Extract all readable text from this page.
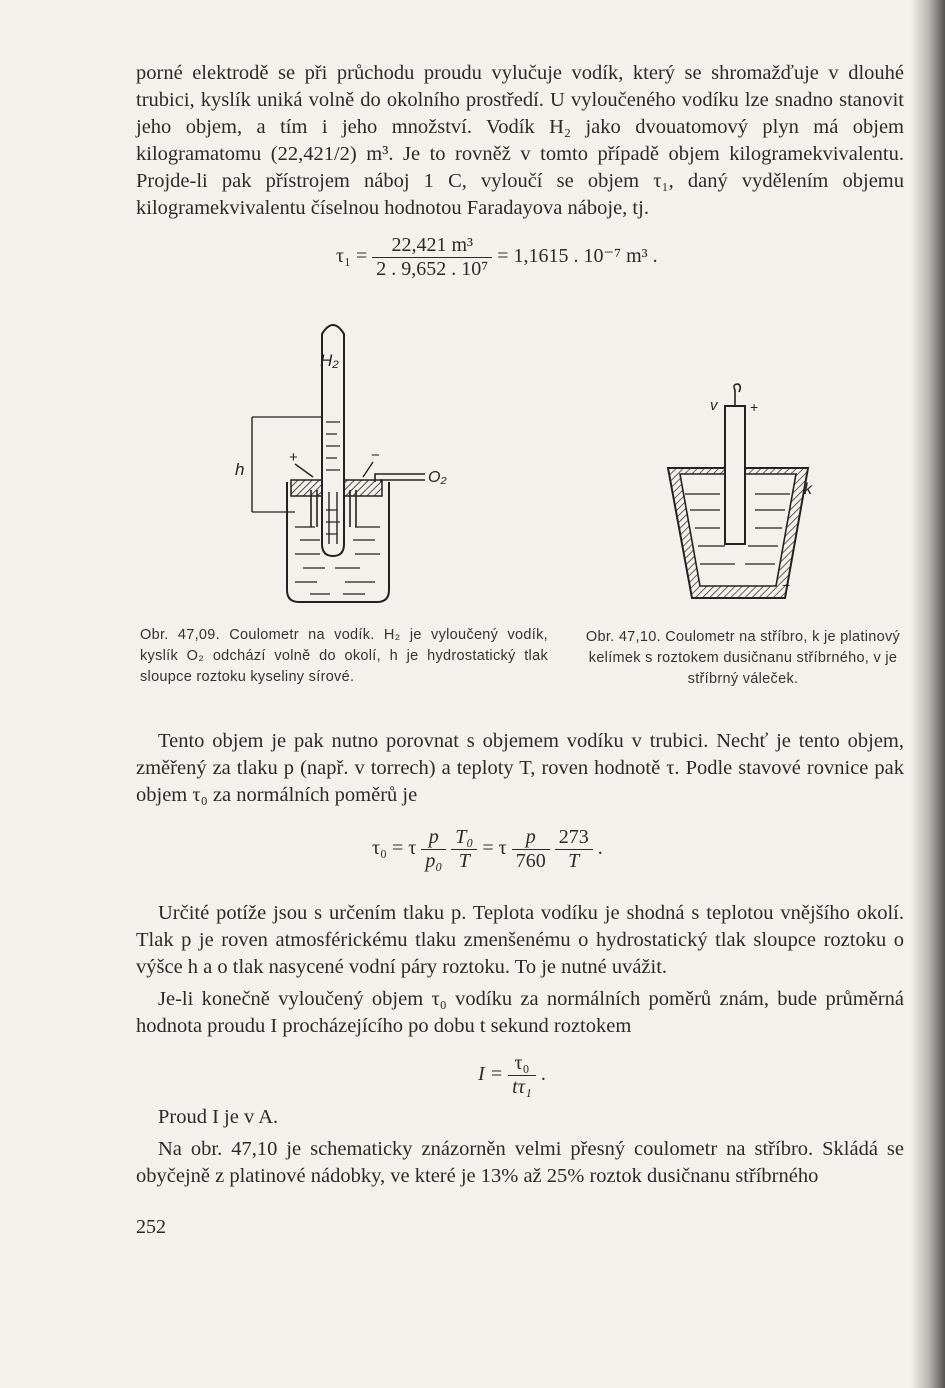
porné elektrodě se při průchodu proudu vylučuje vodík, který se shromažďuje v dlouhé trubici, kyslík uniká volně do okolního prostředí. U vyloučeného vodíku lze snadno stanovit jeho objem, a tím i jeho množství. Vodík H₂ jako dvouatomový plyn má objem kilogramatomu (22,421/2) m³. Je to rovněž v tomto případě objem kilogramekvivalentu. Projde-li pak přístrojem náboj 1 C, vyloučí se objem τ₁, daný vydělením objemu kilogramekvivalentu číselnou hodnotou Faradayova náboje, tj.
$\tau_1 = \frac{\text{22,421 m³}}{\text{2 . 9,652 . 10⁷}} = 1,1615$ . 10⁻⁷ m³ .
H₂
h	O₂
+	−
v +
k
−
Obr. 47,09. Coulometr na vodík. H₂ je vyloučený vodík, kyslík O₂ odchází volně do okolí, h je hydrostatický tlak sloupce roztoku kyseliny sírové.
Obr. 47,10. Coulometr na stříbro, k je platinový kelímek s roztokem dusičnanu stříbrného, v je stříbrný váleček.
Tento objem je pak nutno porovnat s objemem vodíku v trubici. Nechť je tento objem, změřený za tlaku p (např. v torrech) a teploty T, roven hodnotě τ. Podle stavové rovnice pak objem τ₀ za normálních poměrů je
τ₀ = τ $\frac{p}{\text{p₀}}$
$\frac{\text{T₀}}{T} = \tau \frac{p}{760}$
$\frac{273}{T}$ .
Určité potíže jsou s určením tlaku p. Teplota vodíku je shodná s teplotou vnějšího okolí. Tlak p je roven atmosférickému tlaku zmenšenému o hydrostatický tlak sloupce roztoku o výšce h a o tlak nasycené vodní páry roztoku. To je nutné uvážit.
Je-li konečně vyloučený objem τ₀ vodíku za normálních poměrů znám, bude průměrná hodnota proudu I procházejícího po dobu t sekund roztokem
$I = \frac{\text{τ₀}}{\text{tτ₁}}$ .
Proud I je v A.
Na obr. 47,10 je schematicky znázorněn velmi přesný coulometr na stříbro. Skládá se obyčejně z platinové nádobky, ve které je 13% až 25% roztok dusičnanu stříbrného
252
